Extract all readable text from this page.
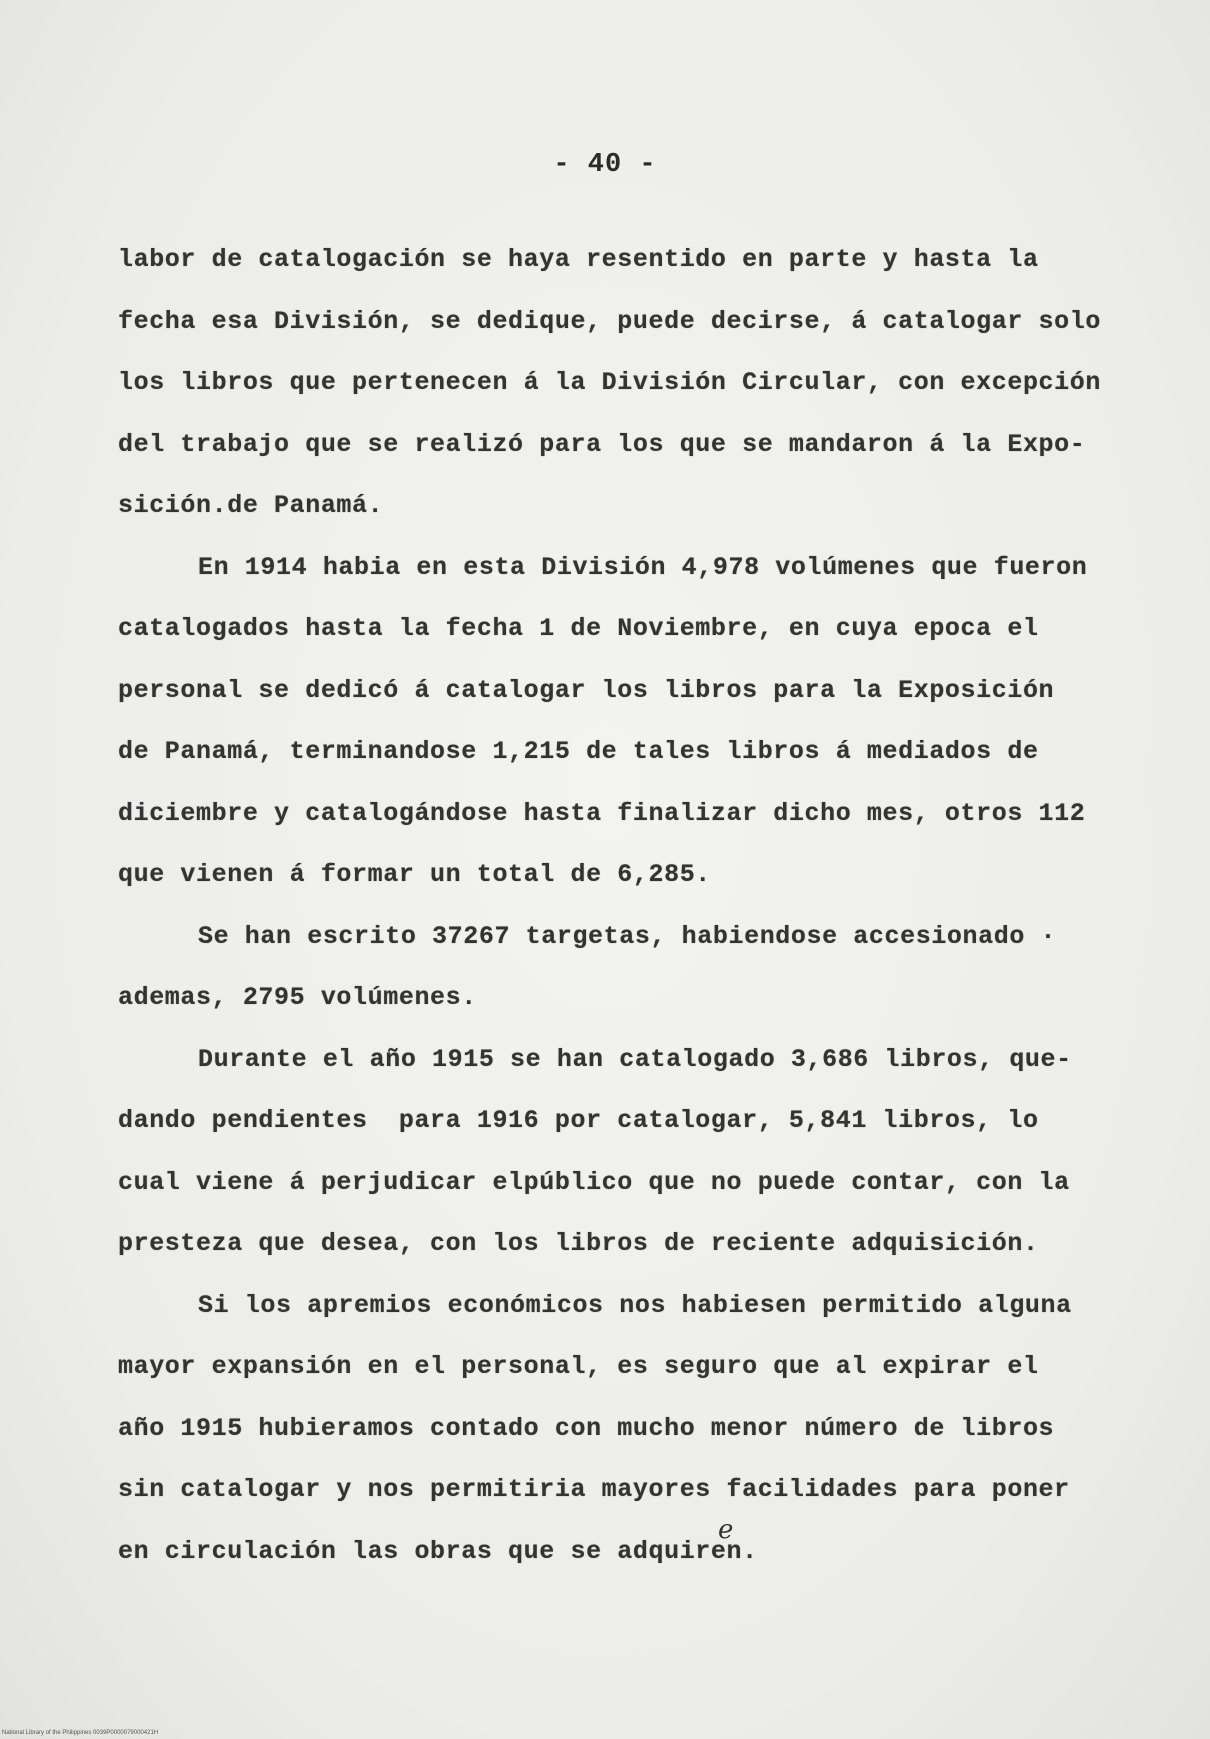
- 40 -
labor de catalogación se haya resentido en parte y hasta la
fecha esa División, se dedique, puede decirse, á catalogar solo
los libros que pertenecen á la División Circular, con excepción
del trabajo que se realizó para los que se mandaron á la Expo-
sición.de Panamá.
En 1914 habia en esta División 4,978 volúmenes que fueron
catalogados hasta la fecha 1 de Noviembre, en cuya epoca el
personal se dedicó á catalogar los libros para la Exposición
de Panamá, terminandose 1,215 de tales libros á mediados de
diciembre y catalogándose hasta finalizar dicho mes, otros 112
que vienen á formar un total de 6,285.
Se han escrito 37267 targetas, habiendose accesionado ·
ademas, 2795 volúmenes.
Durante el año 1915 se han catalogado 3,686 libros, que-
dando pendientes  para 1916 por catalogar, 5,841 libros, lo
cual viene á perjudicar elpúblico que no puede contar, con la
presteza que desea, con los libros de reciente adquisición.
Si los apremios económicos nos habiesen permitido alguna
mayor expansión en el personal, es seguro que al expirar el
año 1915 hubieramos contado con mucho menor número de libros
sin catalogar y nos permitiria mayores facilidades para poner
en circulación las obras que se adquiren.
e
National Library of the Philippines 0039P0000079000421H
